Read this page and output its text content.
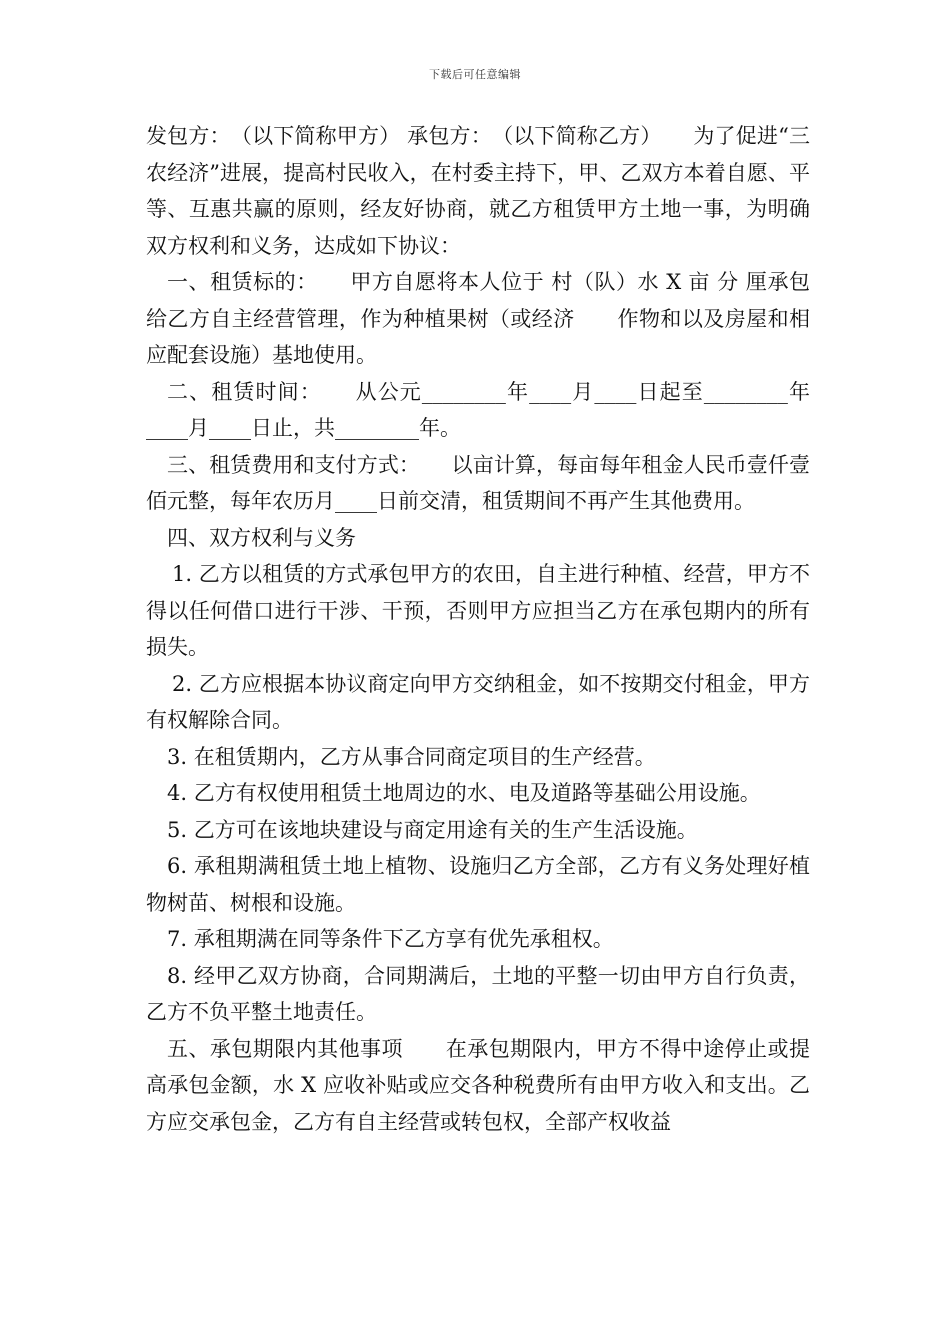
下载后可任意编辑

发包方：　（以下简称甲方） 承包方：　（以下简称乙方）　　为了促进“三农经济”进展，提高村民收入，在村委主持下，甲、乙双方本着自愿、平等、互惠共赢的原则，经友好协商，就乙方租赁甲方土地一事，为明确双方权利和义务，达成如下协议：

一、租赁标的：　　甲方自愿将本人位于 村（队）水 X 亩 分 厘承包给乙方自主经营管理，作为种植果树（或经济　　作物和以及房屋和相应配套设施）基地使用。

二、租赁时间：　　从公元________年____月____日起至________年 ____月____日止，共________年。

三、租赁费用和支付方式：　　以亩计算，每亩每年租金人民币壹仟壹佰元整，每年农历月____日前交清，租赁期间不再产生其他费用。

四、双方权利与义务

1. 乙方以租赁的方式承包甲方的农田，自主进行种植、经营，甲方不得以任何借口进行干涉、干预，否则甲方应担当乙方在承包期内的所有损失。

2. 乙方应根据本协议商定向甲方交纳租金，如不按期交付租金，甲方有权解除合同。

3. 在租赁期内，乙方从事合同商定项目的生产经营。

4. 乙方有权使用租赁土地周边的水、电及道路等基础公用设施。

5. 乙方可在该地块建设与商定用途有关的生产生活设施。

6. 承租期满租赁土地上植物、设施归乙方全部，乙方有义务处理好植物树苗、树根和设施。

7. 承租期满在同等条件下乙方享有优先承租权。

8. 经甲乙双方协商，合同期满后，土地的平整一切由甲方自行负责，乙方不负平整土地责任。

五、承包期限内其他事项　　在承包期限内，甲方不得中途停止或提高承包金额，水 X 应收补贴或应交各种税费所有由甲方收入和支出。乙方应交承包金，乙方有自主经营或转包权，全部产权收益
